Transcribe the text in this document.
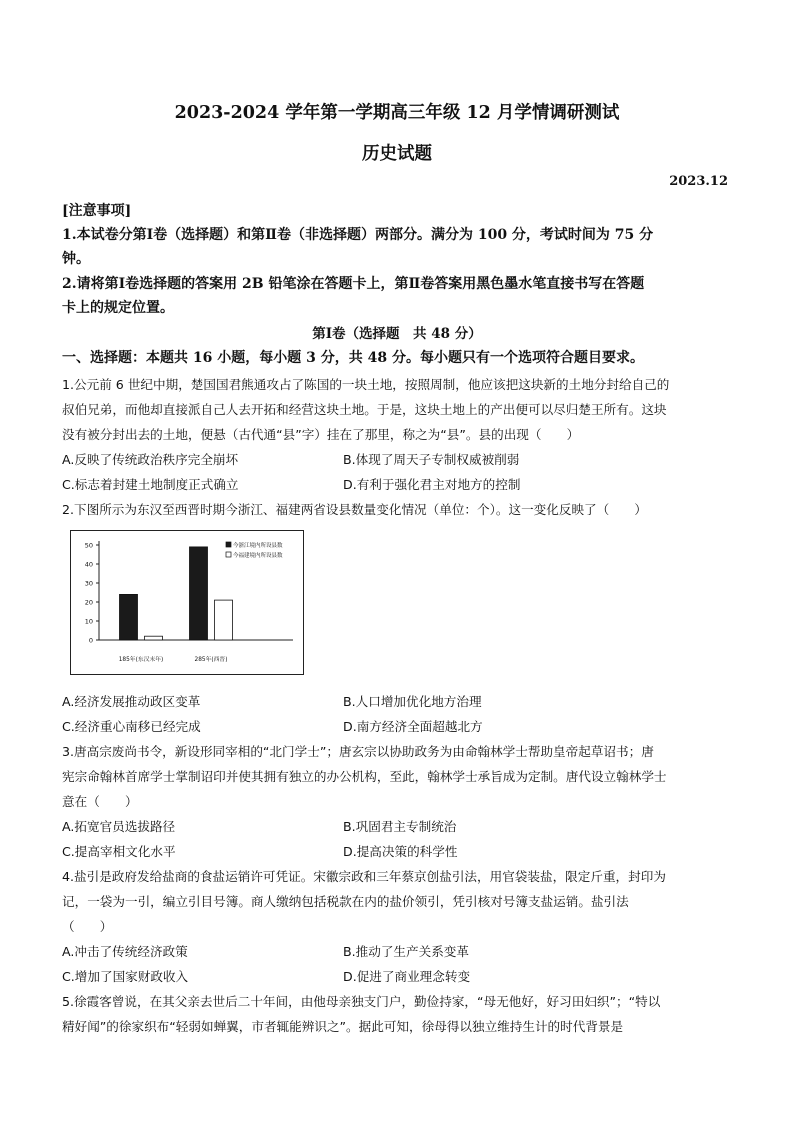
2023-2024 学年第一学期高三年级 12 月学情调研测试
历史试题
2023.12
[注意事项]
1.本试卷分第Ⅰ卷（选择题）和第Ⅱ卷（非选择题）两部分。满分为 100 分，考试时间为 75 分
钟。
2.请将第Ⅰ卷选择题的答案用 2B 铅笔涂在答题卡上，第Ⅱ卷答案用黑色墨水笔直接书写在答题
卡上的规定位置。
第Ⅰ卷（选择题　共 48 分）
一、选择题：本题共 16 小题，每小题 3 分，共 48 分。每小题只有一个选项符合题目要求。
1.公元前 6 世纪中期，楚国国君熊通攻占了陈国的一块土地，按照周制，他应该把这块新的土地分封给自己的
叔伯兄弟，而他却直接派自己人去开拓和经营这块土地。于是，这块土地上的产出便可以尽归楚王所有。这块
没有被分封出去的土地，便悬（古代通“县”字）挂在了那里，称之为“县”。县的出现（　　）
A.反映了传统政治秩序完全崩坏	B.体现了周天子专制权威被削弱
C.标志着封建土地制度正式确立	D.有利于强化君主对地方的控制
2.下图所示为东汉至西晋时期今浙江、福建两省设县数量变化情况（单位：个）。这一变化反映了（　　）
0
10
20
30
40
50	今浙江境内所设县数
今福建境内所设县数
185年(东汉末年)	285年(西晋)
A.经济发展推动政区变革	B.人口增加优化地方治理
C.经济重心南移已经完成	D.南方经济全面超越北方
3.唐高宗废尚书令，新设形同宰相的“北门学士”；唐玄宗以协助政务为由命翰林学士帮助皇帝起草诏书；唐
宪宗命翰林首席学士掌制诏印并使其拥有独立的办公机构，至此，翰林学士承旨成为定制。唐代设立翰林学士
意在（　　）
A.拓宽官员选拔路径	B.巩固君主专制统治
C.提高宰相文化水平	D.提高决策的科学性
4.盐引是政府发给盐商的食盐运销许可凭证。宋徽宗政和三年蔡京创盐引法，用官袋装盐，限定斤重，封印为
记，一袋为一引，编立引目号簿。商人缴纳包括税款在内的盐价领引，凭引核对号簿支盐运销。盐引法
（　　）
A.冲击了传统经济政策	B.推动了生产关系变革
C.增加了国家财政收入	D.促进了商业理念转变
5.徐霞客曾说，在其父亲去世后二十年间，由他母亲独支门户，勤俭持家，“母无他好，好习田妇织”；“特以
精好闻”的徐家织布“轻弱如蝉翼，市者辄能辨识之”。据此可知，徐母得以独立维持生计的时代背景是
